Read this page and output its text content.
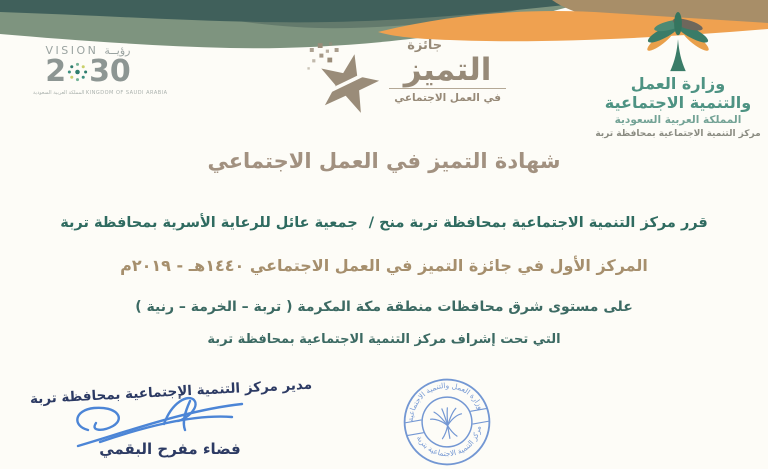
VISION رؤيــة
2 30
المملكة العربية السعودية KINGDOM OF SAUDI ARABIA
جائزة
التميز
في العمل الاجتماعي
وزارة العمل
والتنمية الاجتماعية
المملكة العربية السعودية
مركز التنمية الاجتماعية بمحافظة تربة
شهادة التميز في العمل الاجتماعي
قرر مركز التنمية الاجتماعية بمحافظة تربة منح / جمعية عائل للرعاية الأسرية بمحافظة تربة
المركز الأول في جائزة التميز في العمل الاجتماعي ١٤٤٠هـ - ٢٠١٩م
على مستوى شرق محافظات منطقة مكة المكرمة ( تربة – الخرمة – رنية )
التي تحت إشراف مركز التنمية الاجتماعية بمحافظة تربة
مدير مركز التنمية الإجتماعية بمحافظة تربة
فضاء مفرح البقمي
وزارة العمل والتنمية الاجتماعية
مركز التنمية الاجتماعية بتربة
